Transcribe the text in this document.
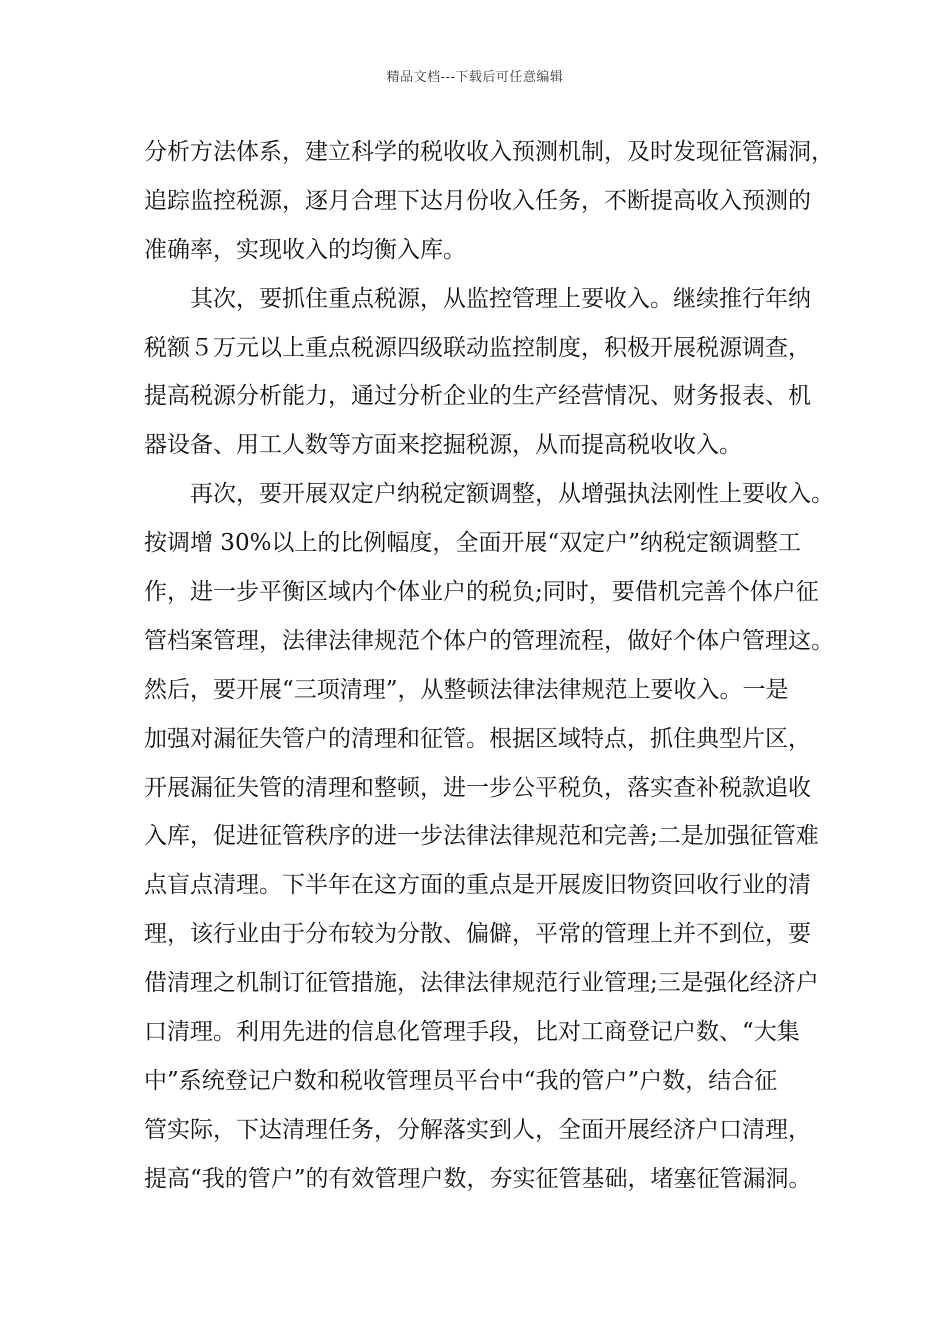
精品文档---下载后可任意编辑
分析方法体系，建立科学的税收收入预测机制，及时发现征管漏洞，
追踪监控税源，逐月合理下达月份收入任务，不断提高收入预测的
准确率，实现收入的均衡入库。
其次，要抓住重点税源，从监控管理上要收入。继续推行年纳
税额５万元以上重点税源四级联动监控制度，积极开展税源调查，
提高税源分析能力，通过分析企业的生产经营情况、财务报表、机
器设备、用工人数等方面来挖掘税源，从而提高税收收入。
再次，要开展双定户纳税定额调整，从增强执法刚性上要收入。
按调增 30%以上的比例幅度，全面开展“双定户”纳税定额调整工
作，进一步平衡区域内个体业户的税负;同时，要借机完善个体户征
管档案管理，法律法律规范个体户的管理流程，做好个体户管理这。
然后，要开展“三项清理”，从整顿法律法律规范上要收入。一是
加强对漏征失管户的清理和征管。根据区域特点，抓住典型片区，
开展漏征失管的清理和整顿，进一步公平税负，落实查补税款追收
入库，促进征管秩序的进一步法律法律规范和完善;二是加强征管难
点盲点清理。下半年在这方面的重点是开展废旧物资回收行业的清
理，该行业由于分布较为分散、偏僻，平常的管理上并不到位，要
借清理之机制订征管措施，法律法律规范行业管理;三是强化经济户
口清理。利用先进的信息化管理手段，比对工商登记户数、“大集
中”系统登记户数和税收管理员平台中“我的管户”户数，结合征
管实际，下达清理任务，分解落实到人，全面开展经济户口清理，
提高“我的管户”的有效管理户数，夯实征管基础，堵塞征管漏洞。
